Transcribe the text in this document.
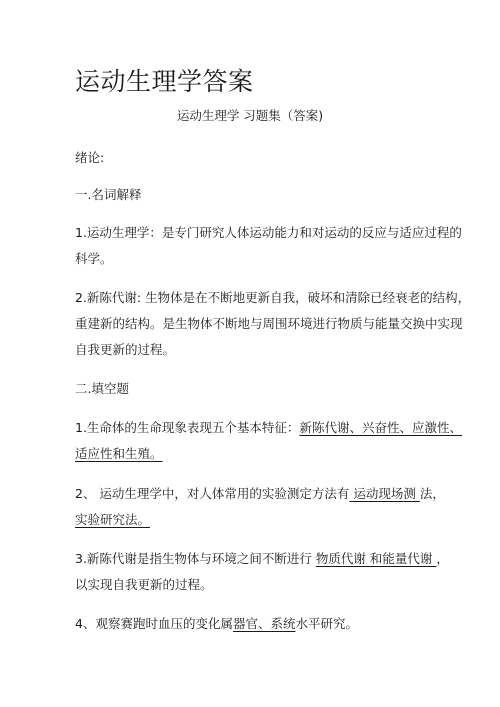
运动生理学答案
运动生理学 习题集（答案)
绪论:
一.名词解释
1.运动生理学：是专门研究人体运动能力和对运动的反应与适应过程的
科学。
2.新陈代谢: 生物体是在不断地更新自我，破坏和清除已经衰老的结构，
重建新的结构。是生物体不断地与周围环境进行物质与能量交换中实现
自我更新的过程。
二.填空题
1.生命体的生命现象表现五个基本特征：新陈代谢、兴奋性、应激性、
适应性和生殖。
2、 运动生理学中，对人体常用的实验测定方法有 运动现场测 法，
实验研究法。
3.新陈代谢是指生物体与环境之间不断进行 物质代谢 和能量代谢 ，
以实现自我更新的过程。
4、观察赛跑时血压的变化属器官、系统水平研究。
